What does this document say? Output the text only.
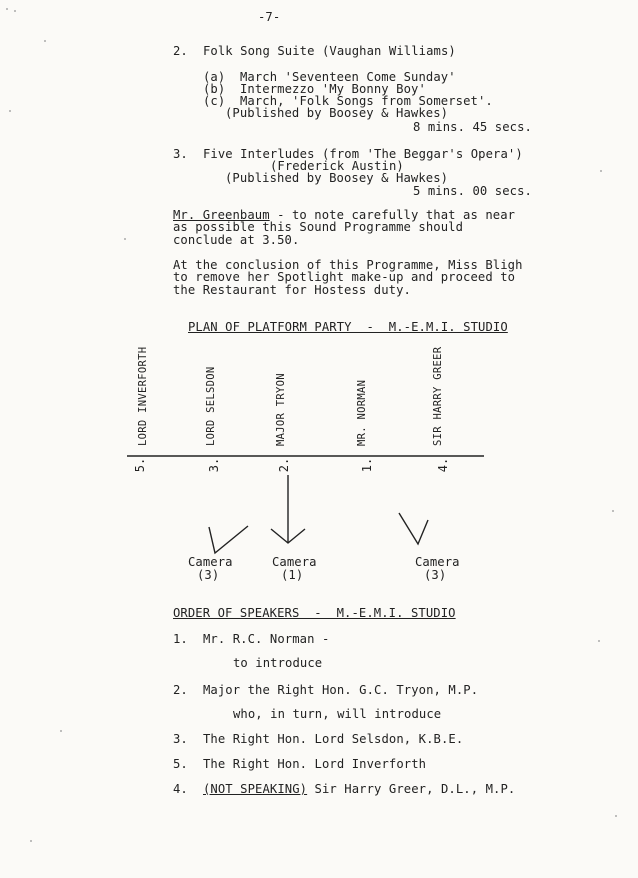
-7-
2. Folk Song Suite (Vaughan Williams)
(a) March 'Seventeen Come Sunday'
(b) Intermezzo 'My Bonny Boy'
(c) March, 'Folk Songs from Somerset'.
(Published by Boosey & Hawkes)
8 mins. 45 secs.
3. Five Interludes (from 'The Beggar's Opera')
(Frederick Austin)
(Published by Boosey & Hawkes)
5 mins. 00 secs.
Mr. Greenbaum - to note carefully that as near
as possible this Sound Programme should
conclude at 3.50.
At the conclusion of this Programme, Miss Bligh
to remove her Spotlight make-up and proceed to
the Restaurant for Hostess duty.
PLAN OF PLATFORM PARTY  -  M.-E.M.I. STUDIO
LORD INVERFORTH	LORD SELSDON	MAJOR TRYON	MR. NORMAN	SIR HARRY GREER
5.	3.	2.	1.	4.
Camera
(3)
Camera
(1)
Camera
(3)
ORDER OF SPEAKERS  -  M.-E.M.I. STUDIO
1. Mr. R.C. Norman -
to introduce
2. Major the Right Hon. G.C. Tryon, M.P.
who, in turn, will introduce
3. The Right Hon. Lord Selsdon, K.B.E.
5. The Right Hon. Lord Inverforth
4. (NOT SPEAKING) Sir Harry Greer, D.L., M.P.
